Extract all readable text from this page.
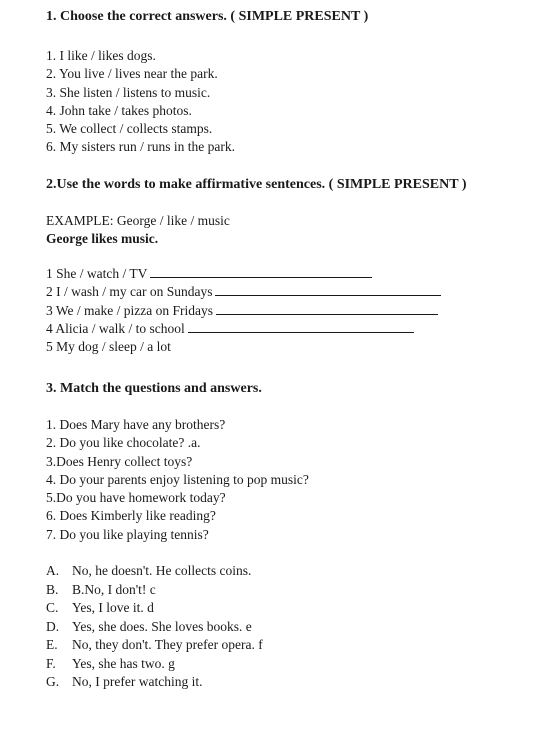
1. Choose the correct answers. ( SIMPLE PRESENT )

1. I like / likes dogs.
2. You live / lives near the park.
3. She listen / listens to music.
4. John take / takes photos.
5. We collect / collects stamps.
6. My sisters run / runs in the park.

2.Use the words to make affirmative sentences. ( SIMPLE PRESENT )

EXAMPLE: George / like / music
George likes music.
1 She / watch / TV
2 I / wash / my car on Sundays
3 We / make / pizza on Fridays
4 Alicia / walk / to school
5 My dog / sleep / a lot

3. Match the questions and answers.

1. Does Mary have any brothers?
2. Do you like chocolate? .a.
3.Does Henry collect toys?
4. Do your parents enjoy listening to pop music?
5.Do you have homework today?
6. Does Kimberly like reading?
7. Do you like playing tennis?
A. No, he doesn't. He collects coins.
B. B.No, I don't! c
C. Yes, I love it. d
D. Yes, she does. She loves books. e
E. No, they don't. They prefer opera. f
F. Yes, she has two. g
G. No, I prefer watching it.
